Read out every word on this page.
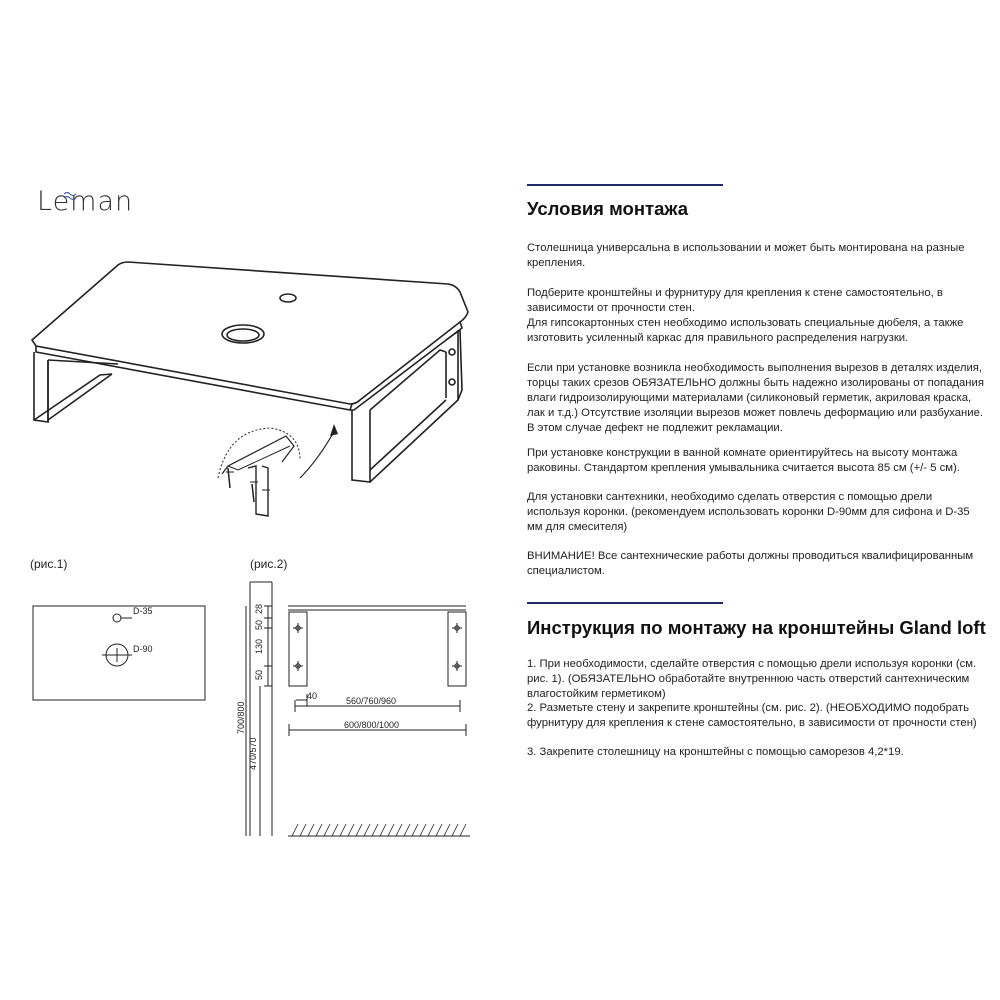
Leman
D-35
D-90
28
50
130
50
700/800
470/570
40	560/760/960
600/800/1000
(рис.1)	(рис.2)
Условия монтажа

Столешница универсальна в использовании и может быть монтирована на разные крепления.

Подберите кронштейны и фурнитуру для крепления к стене самостоятельно, в зависимости от прочности стен.

Для гипсокартонных стен необходимо использовать специальные дюбеля, а также изготовить усиленный каркас для правильного распределения нагрузки.

Если при установке возникла необходимость выполнения вырезов в деталях изделия, торцы таких срезов ОБЯЗАТЕЛЬНО должны быть надежно изолированы от попадания влаги гидроизолирующими материалами (силиконовый герметик, акриловая краска, лак и т.д.) Отсутствие изоляции вырезов может повлечь деформацию или разбухание. В этом случае дефект не подлежит рекламации.

При установке конструкции в ванной комнате ориентируйтесь на высоту монтажа раковины. Стандартом крепления умывальника считается высота 85 см (+/- 5 см).

Для установки сантехники, необходимо сделать отверстия с помощью дрели используя коронки. (рекомендуем использовать коронки D-90мм для сифона и D-35 мм для смесителя)

ВНИМАНИЕ! Все сантехнические работы должны проводиться квалифицированным специалистом.

Инструкция по монтажу на кронштейны Gland loft

1. При необходимости, сделайте отверстия с помощью дрели используя коронки (см. рис. 1). (ОБЯЗАТЕЛЬНО обработайте внутреннюю часть отверстий сантехническим влагостойким герметиком)

2. Разметьте стену и закрепите кронштейны (см. рис. 2). (НЕОБХОДИМО подобрать фурнитуру для крепления к стене самостоятельно, в зависимости от прочности стен)

3. Закрепите столешницу на кронштейны с помощью саморезов 4,2*19.
